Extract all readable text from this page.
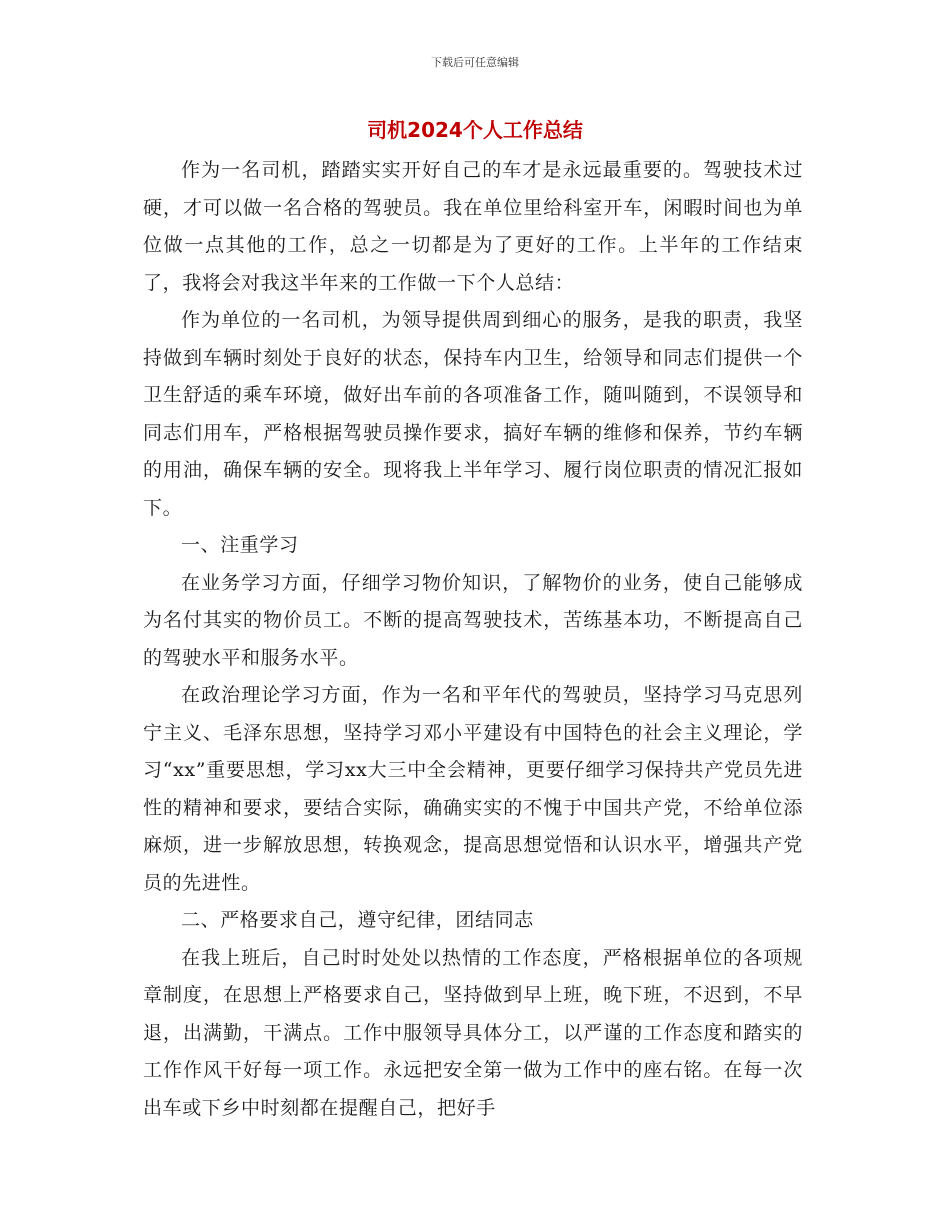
下载后可任意编辑
司机2024个人工作总结

作为一名司机，踏踏实实开好自己的车才是永远最重要的。驾驶技术过硬，才可以做一名合格的驾驶员。我在单位里给科室开车，闲暇时间也为单位做一点其他的工作，总之一切都是为了更好的工作。上半年的工作结束了，我将会对我这半年来的工作做一下个人总结：

作为单位的一名司机，为领导提供周到细心的服务，是我的职责，我坚持做到车辆时刻处于良好的状态，保持车内卫生，给领导和同志们提供一个卫生舒适的乘车环境，做好出车前的各项准备工作，随叫随到，不误领导和同志们用车，严格根据驾驶员操作要求，搞好车辆的维修和保养，节约车辆的用油，确保车辆的安全。现将我上半年学习、履行岗位职责的情况汇报如下。

一、注重学习

在业务学习方面，仔细学习物价知识，了解物价的业务，使自己能够成为名付其实的物价员工。不断的提高驾驶技术，苦练基本功，不断提高自己的驾驶水平和服务水平。

在政治理论学习方面，作为一名和平年代的驾驶员，坚持学习马克思列宁主义、毛泽东思想，坚持学习邓小平建设有中国特色的社会主义理论，学习“xx”重要思想，学习xx大三中全会精神，更要仔细学习保持共产党员先进性的精神和要求，要结合实际，确确实实的不愧于中国共产党，不给单位添麻烦，进一步解放思想，转换观念，提高思想觉悟和认识水平，增强共产党员的先进性。

二、严格要求自己，遵守纪律，团结同志

在我上班后，自己时时处处以热情的工作态度，严格根据单位的各项规章制度，在思想上严格要求自己，坚持做到早上班，晚下班，不迟到，不早退，出满勤，干满点。工作中服领导具体分工，以严谨的工作态度和踏实的工作作风干好每一项工作。永远把安全第一做为工作中的座右铭。在每一次出车或下乡中时刻都在提醒自己，把好手
